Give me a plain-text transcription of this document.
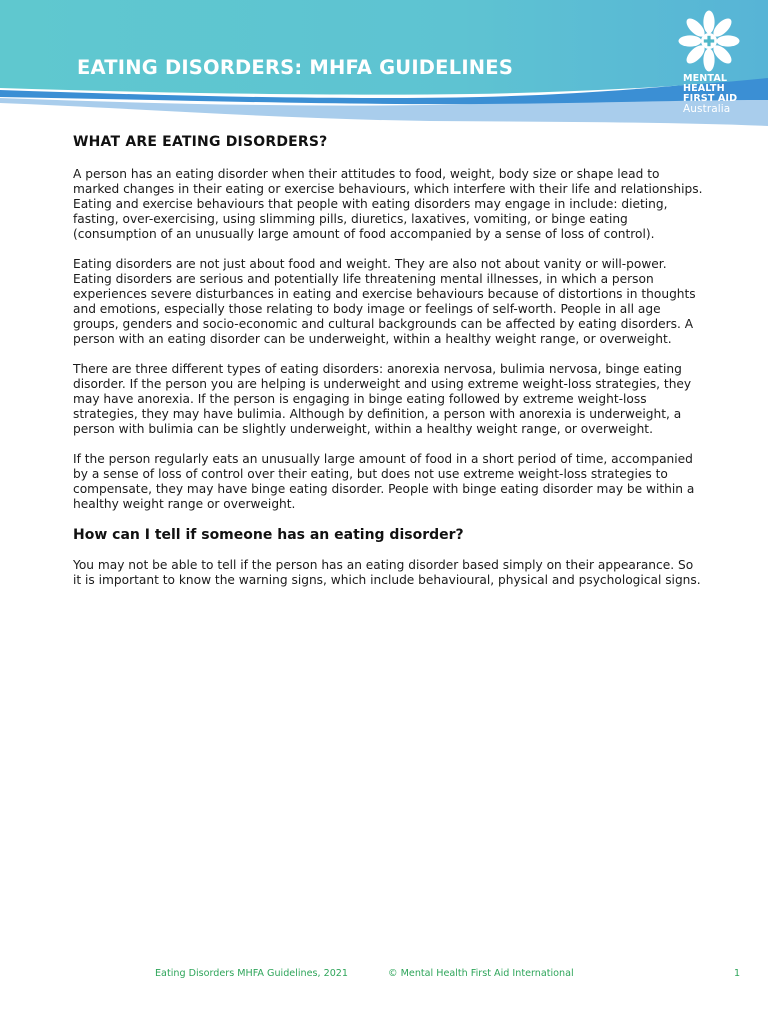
EATING DISORDERS: MHFA GUIDELINES	MENTAL
HEALTH
FIRST AID
Australia
WHAT ARE EATING DISORDERS?

A person has an eating disorder when their attitudes to food, weight, body size or shape lead to marked changes in their eating or exercise behaviours, which interfere with their life and relationships. Eating and exercise behaviours that people with eating disorders may engage in include: dieting, fasting, over-exercising, using slimming pills, diuretics, laxatives, vomiting, or binge eating (consumption of an unusually large amount of food accompanied by a sense of loss of control).

Eating disorders are not just about food and weight. They are also not about vanity or will-power. Eating disorders are serious and potentially life threatening mental illnesses, in which a person experiences severe disturbances in eating and exercise behaviours because of distortions in thoughts and emotions, especially those relating to body image or feelings of self-worth. People in all age groups, genders and socio-economic and cultural backgrounds can be affected by eating disorders. A person with an eating disorder can be underweight, within a healthy weight range, or overweight.

There are three different types of eating disorders: anorexia nervosa, bulimia nervosa, binge eating disorder. If the person you are helping is underweight and using extreme weight-loss strategies, they may have anorexia. If the person is engaging in binge eating followed by extreme weight-loss strategies, they may have bulimia. Although by definition, a person with anorexia is underweight, a person with bulimia can be slightly underweight, within a healthy weight range, or overweight.

If the person regularly eats an unusually large amount of food in a short period of time, accompanied by a sense of loss of control over their eating, but does not use extreme weight-loss strategies to compensate, they may have binge eating disorder. People with binge eating disorder may be within a healthy weight range or overweight.

How can I tell if someone has an eating disorder?

You may not be able to tell if the person has an eating disorder based simply on their appearance. So it is important to know the warning signs, which include behavioural, physical and psychological signs.

Eating Disorders MHFA Guidelines, 2021	© Mental Health First Aid International	1
